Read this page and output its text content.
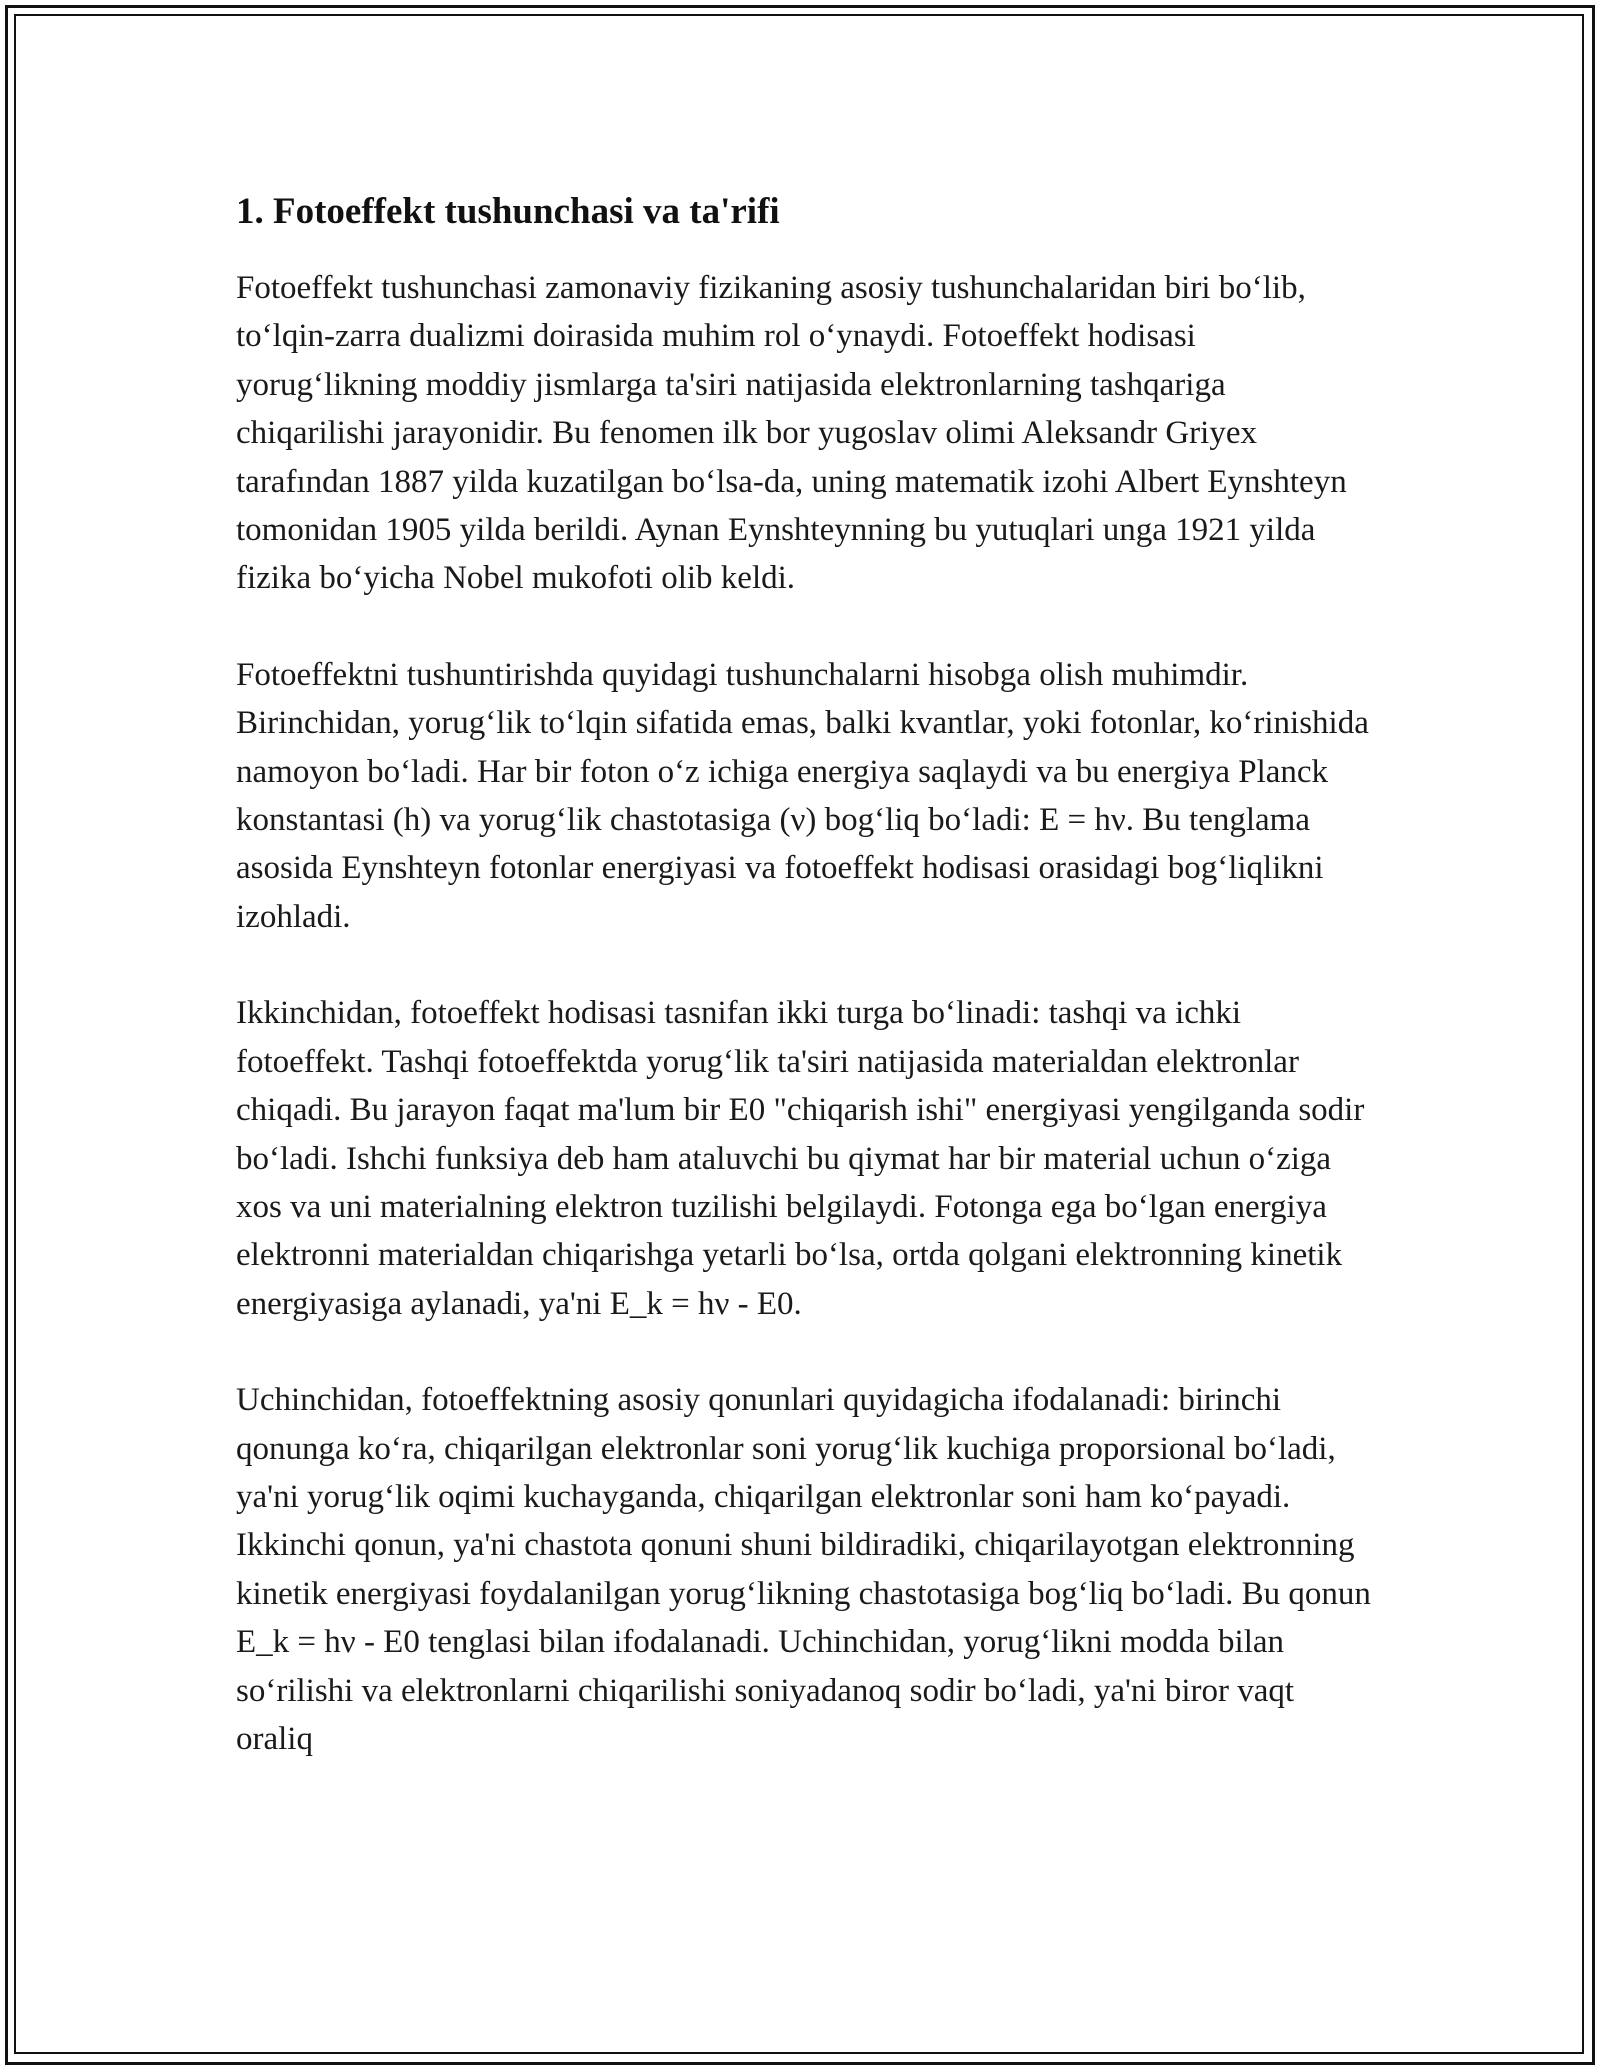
1. Fotoeffekt tushunchasi va ta'rifi

Fotoeffekt tushunchasi zamonaviy fizikaning asosiy tushunchalaridan biri bo‘lib, to‘lqin-zarra dualizmi doirasida muhim rol o‘ynaydi. Fotoeffekt hodisasi yorug‘likning moddiy jismlarga ta'siri natijasida elektronlarning tashqariga chiqarilishi jarayonidir. Bu fenomen ilk bor yugoslav olimi Aleksandr Griyex tarafından 1887 yilda kuzatilgan bo‘lsa-da, uning matematik izohi Albert Eynshteyn tomonidan 1905 yilda berildi. Aynan Eynshteynning bu yutuqlari unga 1921 yilda fizika bo‘yicha Nobel mukofoti olib keldi.

Fotoeffektni tushuntirishda quyidagi tushunchalarni hisobga olish muhimdir. Birinchidan, yorug‘lik to‘lqin sifatida emas, balki kvantlar, yoki fotonlar, ko‘rinishida namoyon bo‘ladi. Har bir foton o‘z ichiga energiya saqlaydi va bu energiya Planck konstantasi (h) va yorug‘lik chastotasiga (ν) bog‘liq bo‘ladi: E = hν. Bu tenglama asosida Eynshteyn fotonlar energiyasi va fotoeffekt hodisasi orasidagi bog‘liqlikni izohladi.

Ikkinchidan, fotoeffekt hodisasi tasnifan ikki turga bo‘linadi: tashqi va ichki fotoeffekt. Tashqi fotoeffektda yorug‘lik ta'siri natijasida materialdan elektronlar chiqadi. Bu jarayon faqat ma'lum bir E0 "chiqarish ishi" energiyasi yengilganda sodir bo‘ladi. Ishchi funksiya deb ham ataluvchi bu qiymat har bir material uchun o‘ziga xos va uni materialning elektron tuzilishi belgilaydi. Fotonga ega bo‘lgan energiya elektronni materialdan chiqarishga yetarli bo‘lsa, ortda qolgani elektronning kinetik energiyasiga aylanadi, ya'ni E_k = hν - E0.

Uchinchidan, fotoeffektning asosiy qonunlari quyidagicha ifodalanadi: birinchi qonunga ko‘ra, chiqarilgan elektronlar soni yorug‘lik kuchiga proporsional bo‘ladi, ya'ni yorug‘lik oqimi kuchayganda, chiqarilgan elektronlar soni ham ko‘payadi. Ikkinchi qonun, ya'ni chastota qonuni shuni bildiradiki, chiqarilayotgan elektronning kinetik energiyasi foydalanilgan yorug‘likning chastotasiga bog‘liq bo‘ladi. Bu qonun E_k = hν - E0 tenglasi bilan ifodalanadi. Uchinchidan, yorug‘likni modda bilan so‘rilishi va elektronlarni chiqarilishi soniyadanoq sodir bo‘ladi, ya'ni biror vaqt oraliq
